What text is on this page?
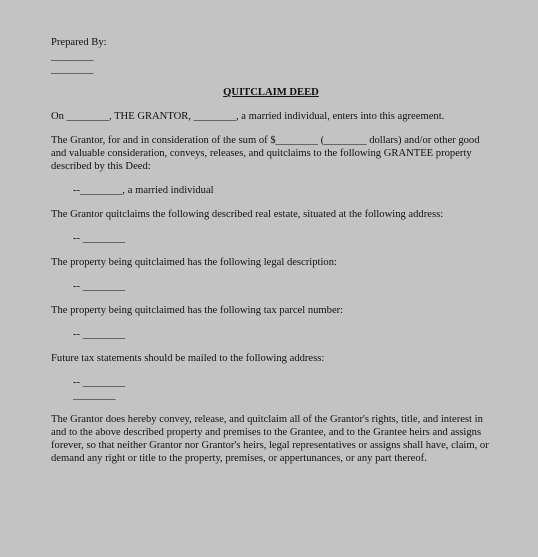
Prepared By:

________

________

QUITCLAIM DEED

On ________, THE GRANTOR, ________, a married individual, enters into this agreement.

The Grantor, for and in consideration of the sum of $________ (________ dollars) and/or other good and valuable consideration, conveys, releases, and quitclaims to the following GRANTEE property described by this Deed:

--________, a married individual

The Grantor quitclaims the following described real estate, situated at the following address:

-- ________

The property being quitclaimed has the following legal description:

-- ________

The property being quitclaimed has the following tax parcel number:

-- ________

Future tax statements should be mailed to the following address:

-- ________

________

The Grantor does hereby convey, release, and quitclaim all of the Grantor's rights, title, and interest in and to the above described property and premises to the Grantee, and to the Grantee heirs and assigns forever, so that neither Grantor nor Grantor's heirs, legal representatives or assigns shall have, claim, or demand any right or title to the property, premises, or appertunances, or any part thereof.
